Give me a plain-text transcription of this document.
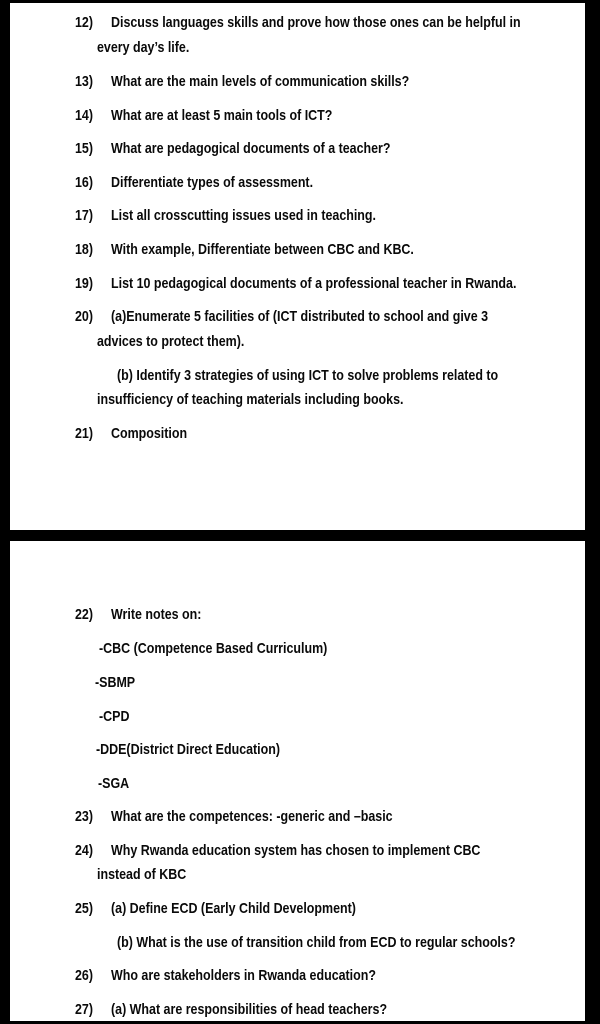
12) Discuss languages skills and prove how those ones can be helpful in
every day’s life.
13) What are the main levels of communication skills?
14) What are at least 5 main tools of ICT?
15) What are pedagogical documents of a teacher?
16) Differentiate types of assessment.
17) List all crosscutting issues used in teaching.
18) With example, Differentiate between CBC and KBC.
19) List 10 pedagogical documents of a professional teacher in Rwanda.
20) (a)Enumerate 5 facilities of (ICT distributed to school and give 3
advices to protect them).
(b) Identify 3 strategies of using ICT to solve problems related to
insufficiency of teaching materials including books.
21) Composition
22) Write notes on:
-CBC (Competence Based Curriculum)
-SBMP
-CPD
-DDE(District Direct Education)
-SGA
23) What are the competences: -generic and –basic
24) Why Rwanda education system has chosen to implement CBC
instead of KBC
25) (a) Define ECD (Early Child Development)
(b) What is the use of transition child from ECD to regular schools?
26) Who are stakeholders in Rwanda education?
27) (a) What are responsibilities of head teachers?
